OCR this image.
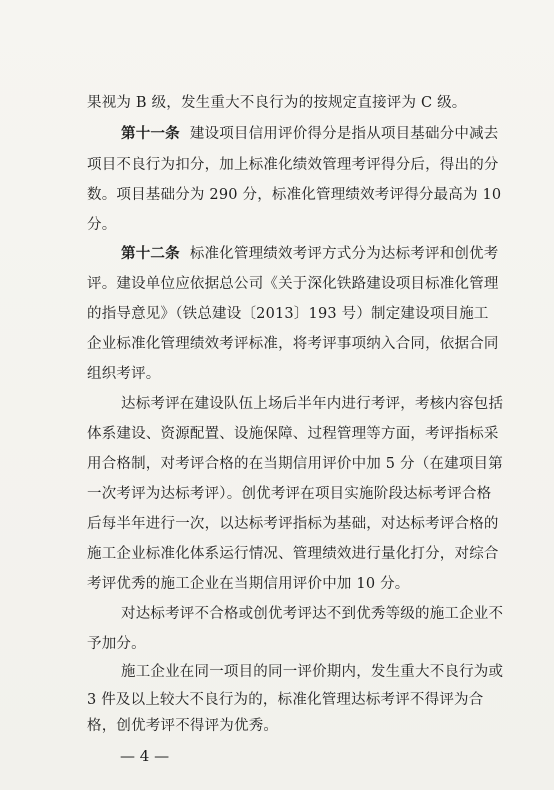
果视为 B 级，发生重大不良行为的按规定直接评为 C 级。
第十一条 建设项目信用评价得分是指从项目基础分中减去
项目不良行为扣分，加上标准化绩效管理考评得分后，得出的分
数。项目基础分为 290 分，标准化管理绩效考评得分最高为 10
分。
第十二条 标准化管理绩效考评方式分为达标考评和创优考
评。建设单位应依据总公司《关于深化铁路建设项目标准化管理
的指导意见》（铁总建设〔2013〕193 号）制定建设项目施工
企业标准化管理绩效考评标准，将考评事项纳入合同，依据合同
组织考评。
达标考评在建设队伍上场后半年内进行考评，考核内容包括
体系建设、资源配置、设施保障、过程管理等方面，考评指标采
用合格制，对考评合格的在当期信用评价中加 5 分（在建项目第
一次考评为达标考评）。创优考评在项目实施阶段达标考评合格
后每半年进行一次，以达标考评指标为基础，对达标考评合格的
施工企业标准化体系运行情况、管理绩效进行量化打分，对综合
考评优秀的施工企业在当期信用评价中加 10 分。
对达标考评不合格或创优考评达不到优秀等级的施工企业不
予加分。
施工企业在同一项目的同一评价期内，发生重大不良行为或
3 件及以上较大不良行为的，标准化管理达标考评不得评为合
格，创优考评不得评为优秀。
— 4 —
